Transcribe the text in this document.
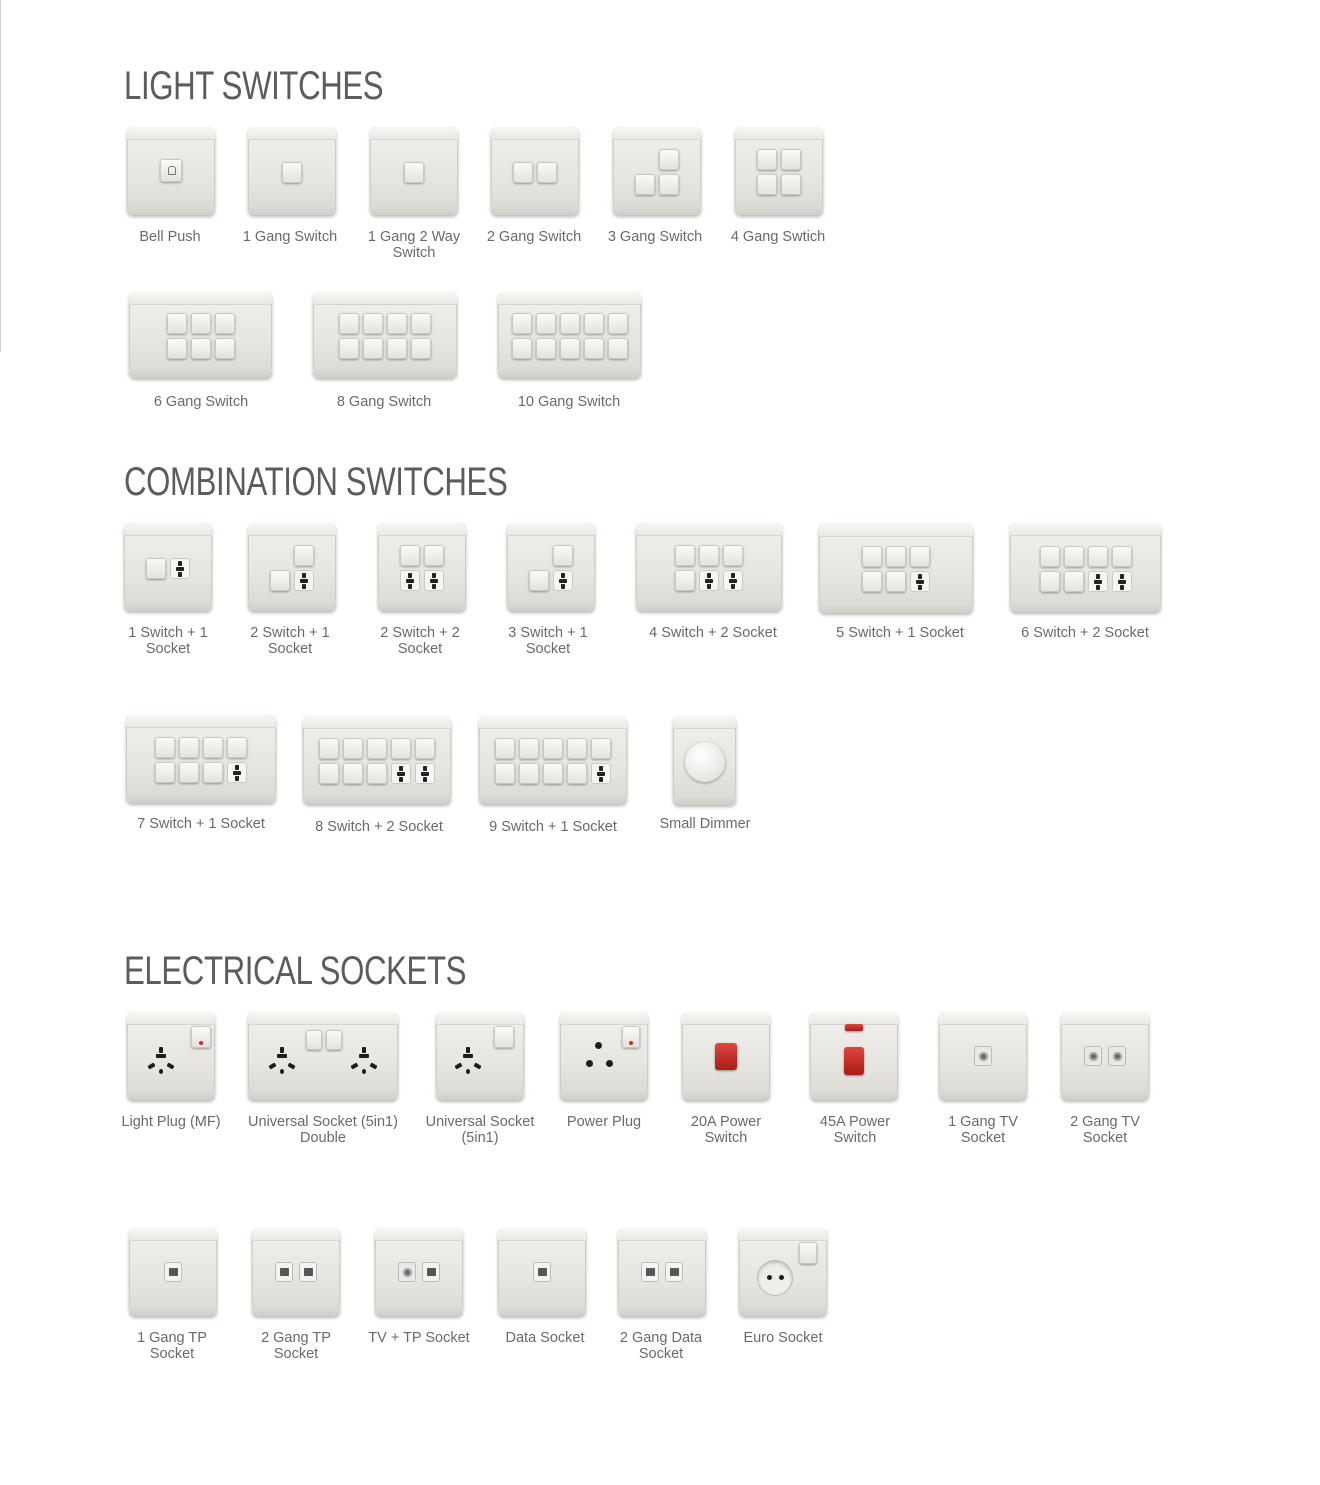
LIGHT SWITCHES
COMBINATION SWITCHES
ELECTRICAL SOCKETS
Bell Push	1 Gang Switch	1 Gang 2 Way Switch
2 Gang Switch	3 Gang Switch	4 Gang Swtich
6 Gang Switch	8 Gang Switch	10 Gang Switch
1 Switch + 1 Socket
2 Switch + 1 Socket
2 Switch + 2 Socket
3 Switch + 1 Socket
4 Switch + 2 Socket	5 Switch + 1 Socket	6 Switch + 2 Socket
7 Switch + 1 Socket	8 Switch + 2 Socket	9 Switch + 1 Socket	Small Dimmer
Light Plug (MF)	Universal Socket (5in1) Double
Universal Socket (5in1)
Power Plug	20A Power Switch
45A Power Switch
1 Gang TV Socket
2 Gang TV Socket
1 Gang TP Socket
2 Gang TP Socket
TV + TP Socket	Data Socket	2 Gang Data Socket
Euro Socket
